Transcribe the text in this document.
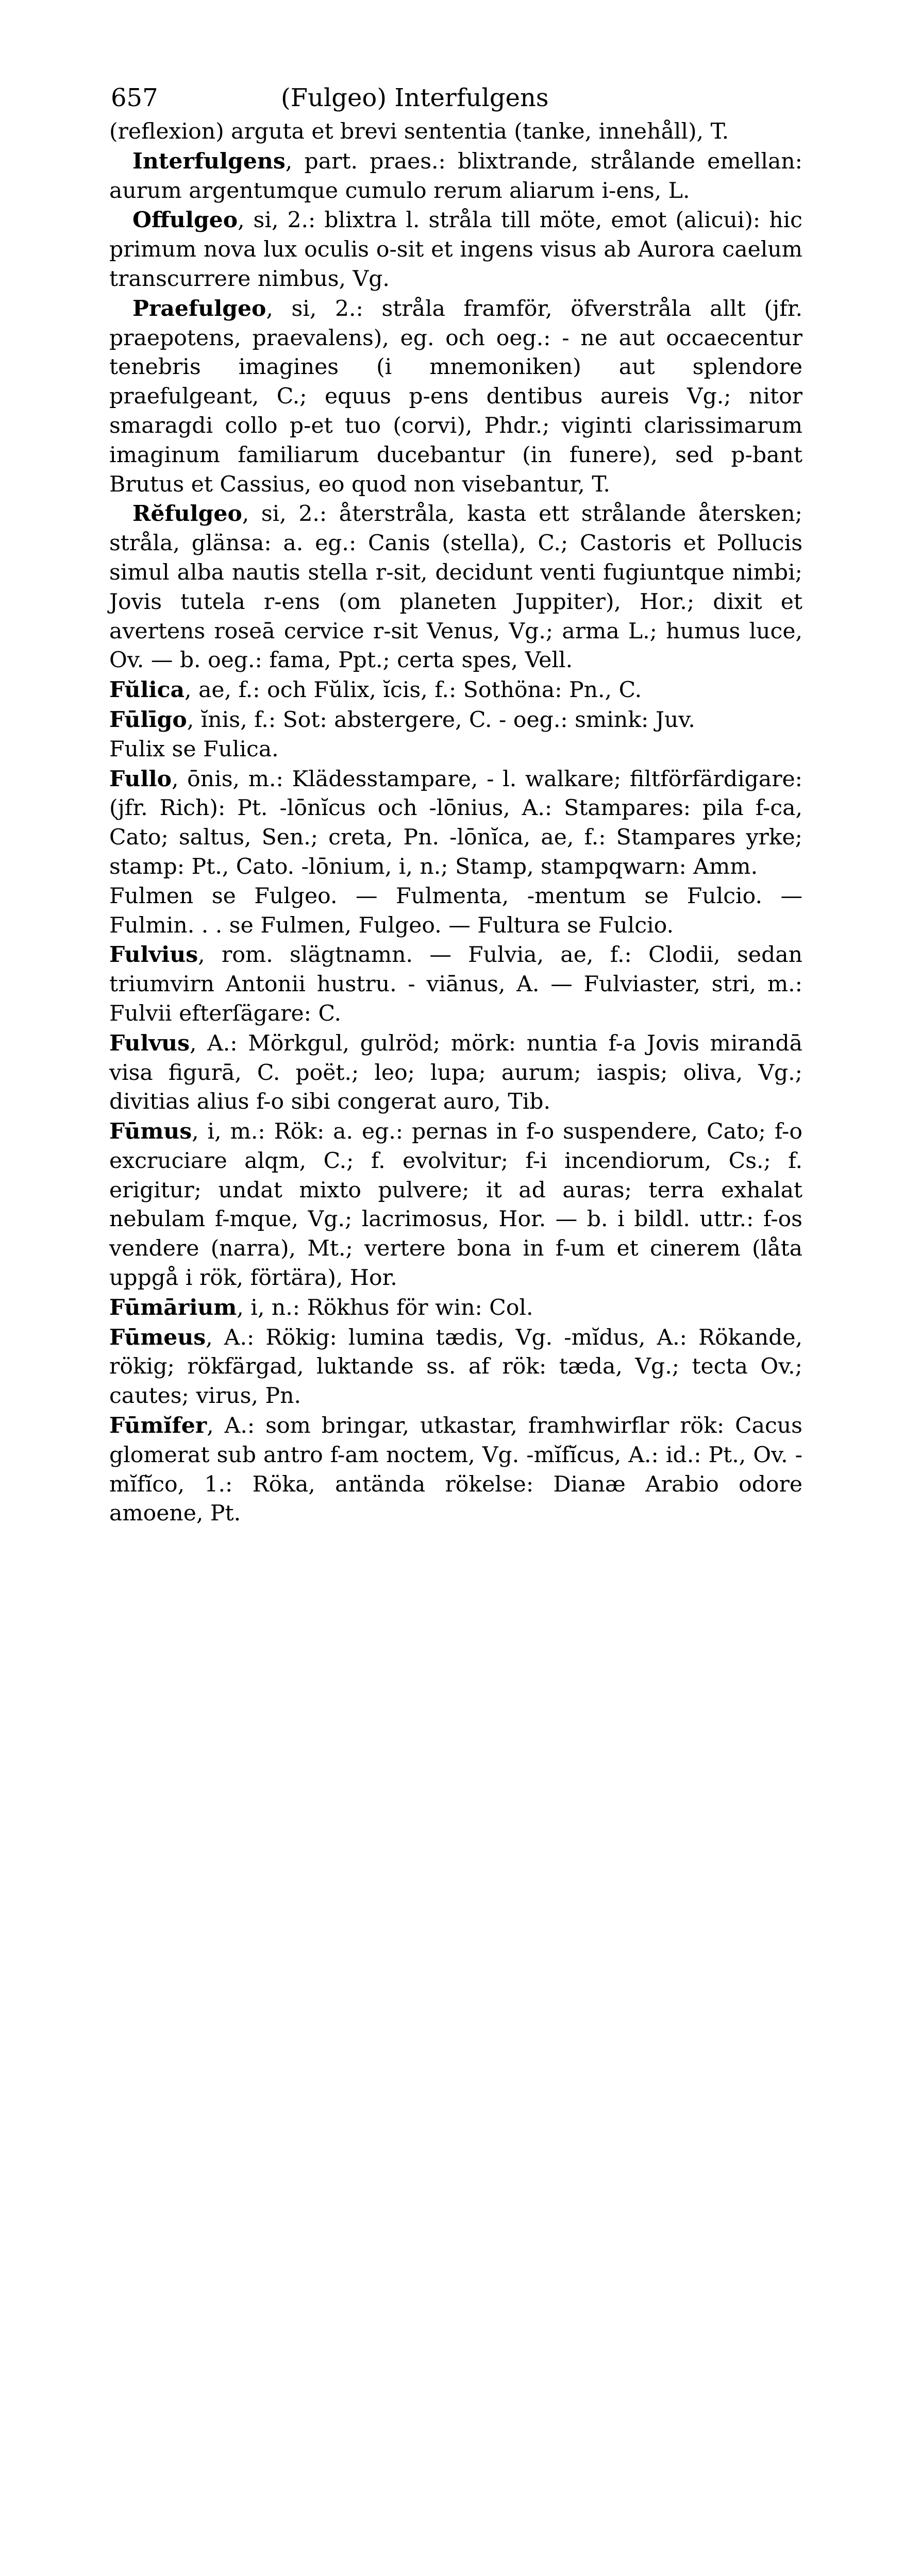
657	(Fulgeo) Interfulgens

(reflexion) arguta et brevi sententia (tanke, innehåll), T.

Interfulgens, part. praes.: blixtrande, strålande emellan: aurum argentumque cumulo rerum aliarum i-ens, L.

Offulgeo, si, 2.: blixtra l. stråla till möte, emot (alicui): hic primum nova lux oculis o-sit et ingens visus ab Aurora caelum transcurrere nimbus, Vg.

Praefulgeo, si, 2.: stråla framför, öfverstråla allt (jfr. praepotens, praevalens), eg. och oeg.: - ne aut occaecentur tenebris imagines (i mnemoniken) aut splendore praefulgeant, C.; equus p-ens dentibus aureis Vg.; nitor smaragdi collo p-et tuo (corvi), Phdr.; viginti clarissimarum imaginum familiarum ducebantur (in funere), sed p-bant Brutus et Cassius, eo quod non visebantur, T.

Rĕfulgeo, si, 2.: återstråla, kasta ett strålande återsken; stråla, glänsa: a. eg.: Canis (stella), C.; Castoris et Pollucis simul alba nautis stella r-sit, decidunt venti fugiuntque nimbi; Jovis tutela r-ens (om planeten Juppiter), Hor.; dixit et avertens roseā cervice r-sit Venus, Vg.; arma L.; humus luce, Ov. — b. oeg.: fama, Ppt.; certa spes, Vell.

Fŭlica, ae, f.: och Fŭlix, ĭcis, f.: Sothöna: Pn., C.

Fūlīgo, ĭnis, f.: Sot: abstergere, C. - oeg.: smink: Juv.

Fulix se Fulica.

Fullo, ōnis, m.: Klädesstampare, - l. walkare; filtförfärdigare: (jfr. Rich): Pt. -lōnĭcus och -lōnius, A.: Stampares: pila f-ca, Cato; saltus, Sen.; creta, Pn. -lōnĭca, ae, f.: Stampares yrke; stamp: Pt., Cato. -lōnium, i, n.; Stamp, stampqwarn: Amm.

Fulmen se Fulgeo. — Fulmenta, -mentum se Fulcio. — Fulmin. . . se Fulmen, Fulgeo. — Fultura se Fulcio.

Fulvius, rom. slägtnamn. — Fulvia, ae, f.: Clodii, sedan triumvirn Antonii hustru. - viānus, A. — Fulviaster, stri, m.: Fulvii efterſägare: C.

Fulvus, A.: Mörkgul, gulröd; mörk: nuntia f-a Jovis mirandā visa figurā, C. poët.; leo; lupa; aurum; iaspis; oliva, Vg.; divitias alius f-o sibi congerat auro, Tib.

Fūmus, i, m.: Rök: a. eg.: pernas in f-o suspendere, Cato; f-o excruciare alqm, C.; f. evolvitur; f-i incendiorum, Cs.; f. erigitur; undat mixto pulvere; it ad auras; terra exhalat nebulam f-mque, Vg.; lacrimosus, Hor. — b. i bildl. uttr.: f-os vendere (narra), Mt.; vertere bona in f-um et cinerem (låta uppgå i rök, förtära), Hor.

Fūmārium, i, n.: Rökhus för win: Col.

Fūmeus, A.: Rökig: lumina tædis, Vg. -mĭdus, A.: Rökande, rökig; rökfärgad, luktande ss. af rök: tæda, Vg.; tecta Ov.; cautes; virus, Pn.

Fūmĭfer, A.: som bringar, utkastar, framhwirflar rök: Cacus glomerat sub antro f-am noctem, Vg. -mĭfĭcus, A.: id.: Pt., Ov. -mĭfĭco, 1.: Röka, antända rökelse: Dianæ Arabio odore amoene, Pt.
